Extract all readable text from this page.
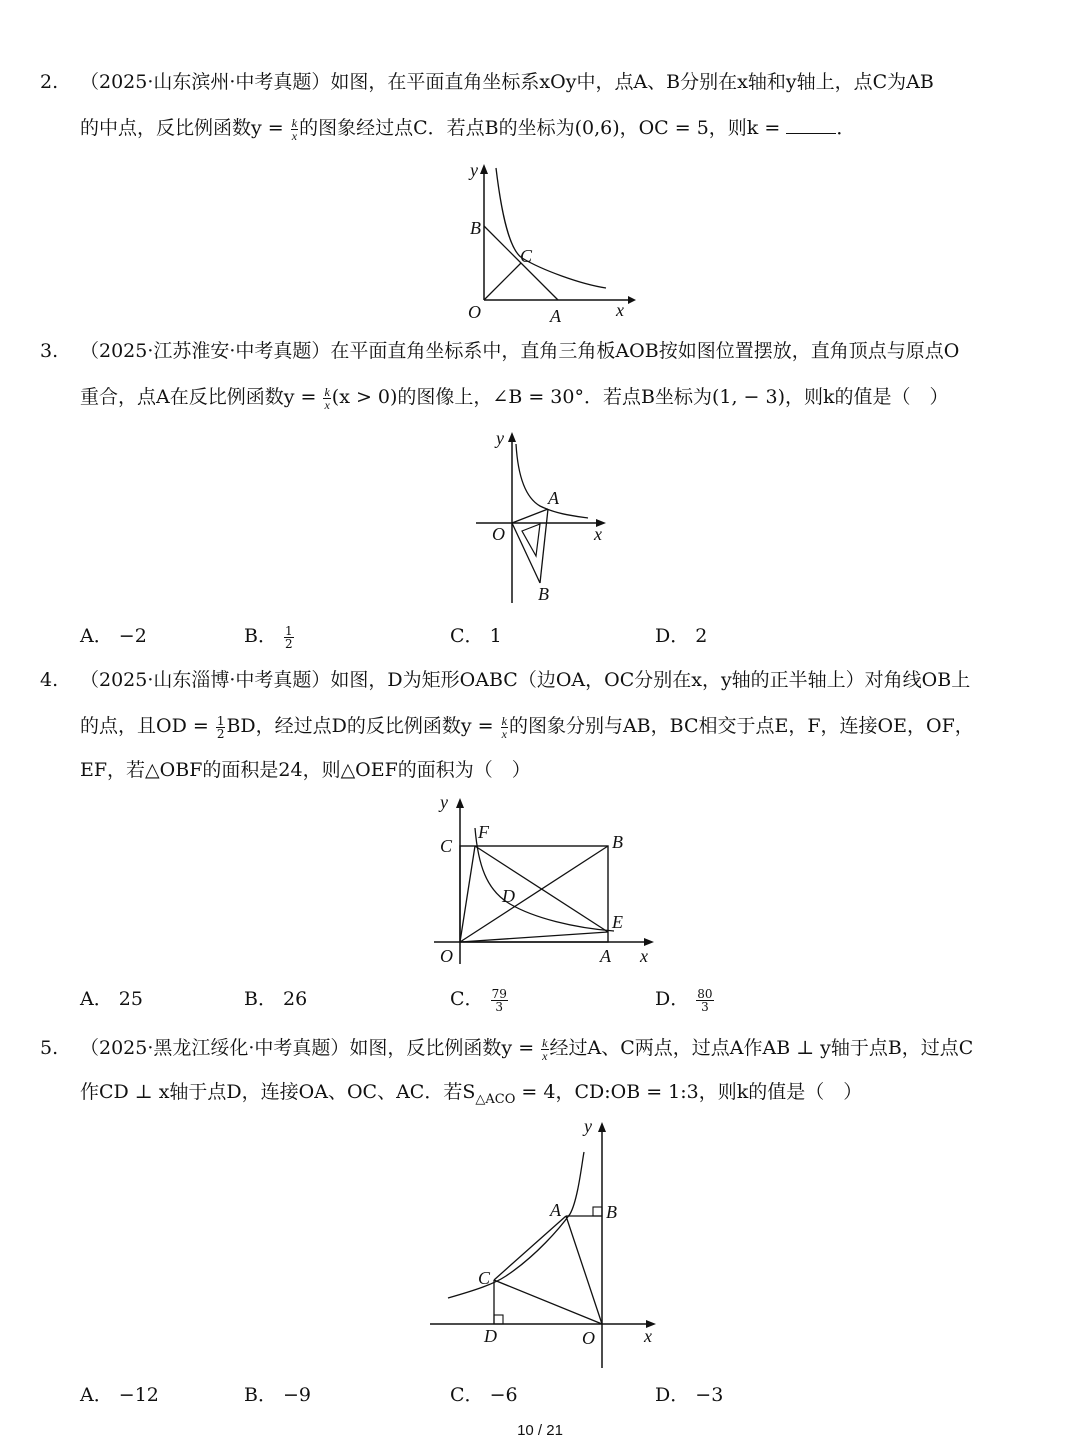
2. （2025·山东滨州·中考真题）如图，在平面直角坐标系xOy中，点A、B分别在x轴和y轴上，点C为AB
的中点，反比例函数$y = \frac{k}{x}$ 的图象经过点C．若点B的坐标为(0,6)，OC = 5，则k =	．
y
x
O	A
B
C
3. （2025·江苏淮安·中考真题）在平面直角坐标系中，直角三角板AOB按如图位置摆放，直角顶点与原点O
重合，点A在反比例函数$y = \frac{k}{x} (x > 0)$的图像上，∠B = 30°．若点B坐标为(1, − 3)，则k的值是（　）
y
x
O
A
B
A． −2	B． $\frac{1}{2}$	C． 1	D． 2
4. （2025·山东淄博·中考真题）如图，D为矩形OABC（边OA，OC分别在x，y轴的正半轴上）对角线OB上
的点，且OD = $\frac{1}{2}$ BD，经过点D的反比例函数$y = \frac{k}{x}$ 的图象分别与AB，BC相交于点E，F，连接OE，OF，
EF，若△OBF的面积是24，则△OEF的面积为（　）
y
x
O	A
B
C
D
E
F
A． 25	B． 26	C． $\frac{79}{3}$	D． $\frac{80}{3}$
5. （2025·黑龙江绥化·中考真题）如图，反比例函数$y = \frac{k}{x}$ 经过A、C两点，过点A作AB ⊥ y轴于点B，过点C
作CD ⊥ x轴于点D，连接OA、OC、AC．若$S_{\triangle ACO} = 4$，CD:OB = 1:3，则k的值是（　）
y
x
O
A	B
C
D
A． −12	B． −9	C． −6	D． −3
10 / 21
